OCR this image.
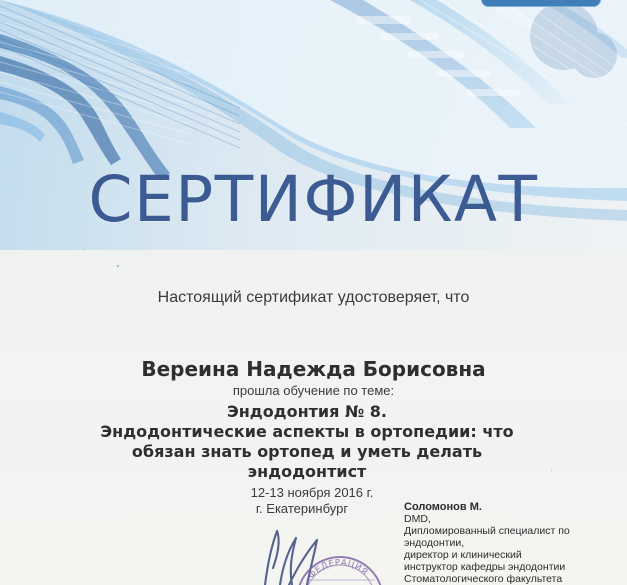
СЕРТИФИКАТ
Настоящий сертификат удостоверяет, что
Вереина Надежда Борисовна
прошла обучение по теме:
Эндодонтия № 8.
Эндодонтические аспекты в ортопедии: что
обязан знать ортопед и уметь делать
эндодонтист
12-13 ноября 2016 г.
г. Екатеринбург
ФЕДЕРАЦИЯ
Соломонов М.
DMD,
Дипломированный специалист по
эндодонтии,
директор и клинический
инструктор кафедры эндодонтии
Стоматологического факультета
